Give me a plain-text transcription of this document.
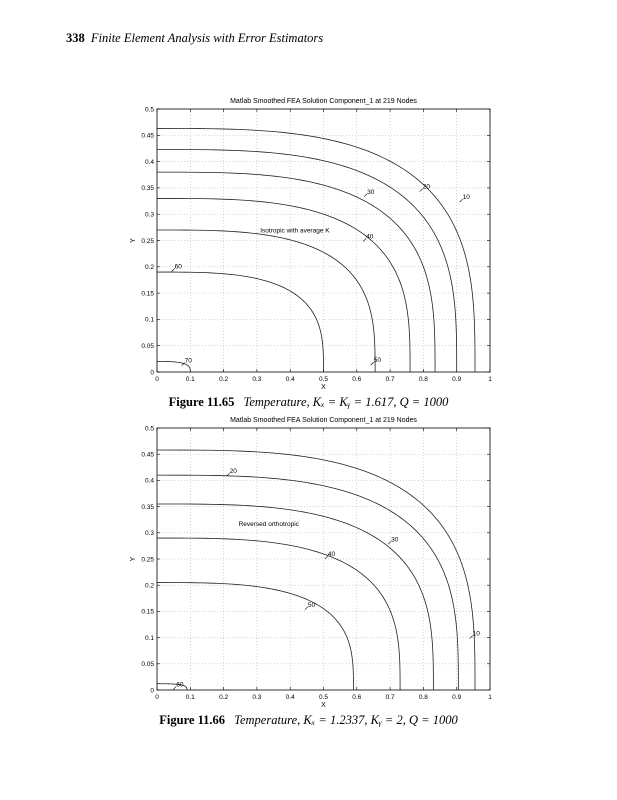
338 Finite Element Analysis with Error Estimators
Matlab Smoothed FEA Solution Component_1 at 219 Nodes
0	0.1	0.2	0.3	0.4	0.5	0.6	0.7	0.8	0.9	1
0
0.05
0.1
0.15
0.2
0.25
0.3
0.35
0.4
0.45
0.5
X
Y
10
20
30
40
50
60
70
Isotropic with average K
Figure 11.65 Temperature, Kₓ = Kᵧ = 1.617, Q = 1000
Matlab Smoothed FEA Solution Component_1 at 219 Nodes
0	0.1	0.2	0.3	0.4	0.5	0.6	0.7	0.8	0.9	1
0
0.05
0.1
0.15
0.2
0.25
0.3
0.35
0.4
0.45
0.5
X
Y
10
20
30
40
50
60
Reversed orthotropic
Figure 11.66 Temperature, Kₓ = 1.2337, Kᵧ = 2, Q = 1000
